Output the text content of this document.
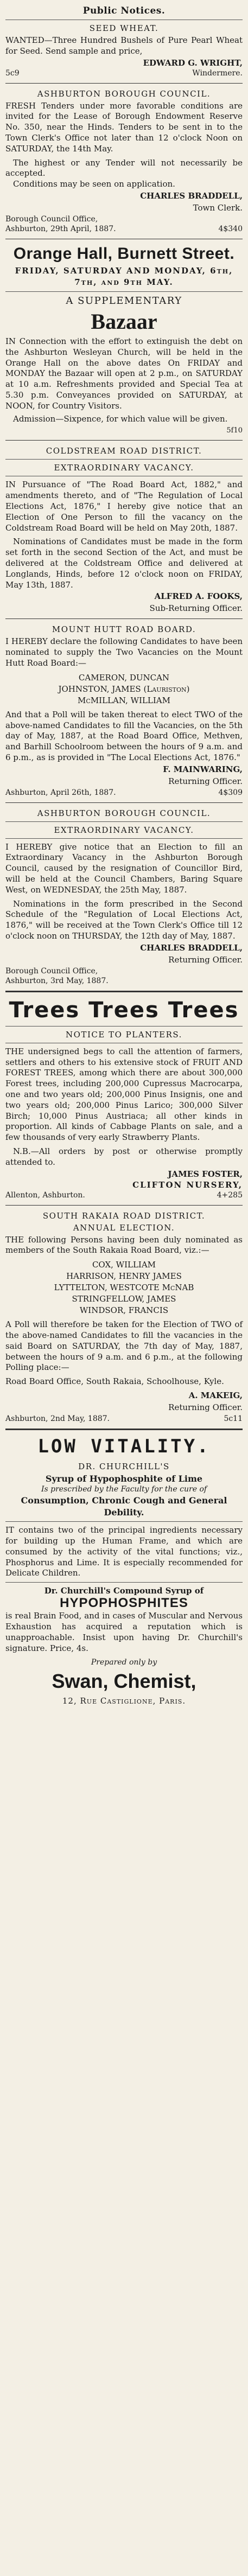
Public Notices.
SEED WHEAT.
WANTED—Three Hundred Bushels of Pure Pearl Wheat for Seed. Send sample and price,
EDWARD G. WRIGHT,
5c9	Windermere.
ASHBURTON BOROUGH COUNCIL.
FRESH Tenders under more favorable conditions are invited for the Lease of Borough Endowment Reserve No. 350, near the Hinds. Tenders to be sent in to the Town Clerk's Office not later than 12 o'clock Noon on SATURDAY, the 14th May.
The highest or any Tender will not necessarily be accepted.
Conditions may be seen on application.
CHARLES BRADDELL,
Town Clerk.
Borough Council Office,
Ashburton, 29th April, 1887.	4$340
Orange Hall, Burnett Street.
FRIDAY, SATURDAY AND MONDAY, 6th, 7th, and 9th MAY.
A SUPPLEMENTARY
Bazaar
IN Connection with the effort to extinguish the debt on the Ashburton Wesleyan Church, will be held in the Orange Hall on the above dates On FRIDAY and MONDAY the Bazaar will open at 2 p.m., on SATURDAY at 10 a.m. Refreshments provided and Special Tea at 5.30 p.m. Conveyances provided on SATURDAY, at NOON, for Country Visitors.
Admission—Sixpence, for which value will be given.
5f10
COLDSTREAM ROAD DISTRICT.
EXTRAORDINARY VACANCY.
IN Pursuance of "The Road Board Act, 1882," and amendments thereto, and of "The Regulation of Local Elections Act, 1876," I hereby give notice that an Election of One Person to fill the vacancy on the Coldstream Road Board will be held on May 20th, 1887.
Nominations of Candidates must be made in the form set forth in the second Section of the Act, and must be delivered at the Coldstream Office and delivered at Longlands, Hinds, before 12 o'clock noon on FRIDAY, May 13th, 1887.
ALFRED A. FOOKS,
Sub-Returning Officer.
MOUNT HUTT ROAD BOARD.
I HEREBY declare the following Candidates to have been nominated to supply the Two Vacancies on the Mount Hutt Road Board:—
CAMERON, DUNCAN
JOHNSTON, JAMES (Lauriston)
McMILLAN, WILLIAM
And that a Poll will be taken thereat to elect TWO of the above-named Candidates to fill the Vacancies, on the 5th day of May, 1887, at the Road Board Office, Methven, and Barhill Schoolroom between the hours of 9 a.m. and 6 p.m., as is provided in "The Local Elections Act, 1876."
F. MAINWARING,
Returning Officer.
Ashburton, April 26th, 1887.	4$309
ASHBURTON BOROUGH COUNCIL.
EXTRAORDINARY VACANCY.
I HEREBY give notice that an Election to fill an Extraordinary Vacancy in the Ashburton Borough Council, caused by the resignation of Councillor Bird, will be held at the Council Chambers, Baring Square West, on WEDNESDAY, the 25th May, 1887.
Nominations in the form prescribed in the Second Schedule of the "Regulation of Local Elections Act, 1876," will be received at the Town Clerk's Office till 12 o'clock noon on THURSDAY, the 12th day of May, 1887.
CHARLES BRADDELL,
Returning Officer.
Borough Council Office,
Ashburton, 3rd May, 1887.
Trees Trees Trees
NOTICE TO PLANTERS.
THE undersigned begs to call the attention of farmers, settlers and others to his extensive stock of FRUIT AND FOREST TREES, among which there are about 300,000 Forest trees, including 200,000 Cupressus Macrocarpa, one and two years old; 200,000 Pinus Insignis, one and two years old; 200,000 Pinus Larico; 300,000 Silver Birch; 10,000 Pinus Austriaca; all other kinds in proportion. All kinds of Cabbage Plants on sale, and a few thousands of very early Strawberry Plants.
N.B.—All orders by post or otherwise promptly attended to.
JAMES FOSTER,
CLIFTON NURSERY,
Allenton, Ashburton.	4+285
SOUTH RAKAIA ROAD DISTRICT.
ANNUAL ELECTION.
THE following Persons having been duly nominated as members of the South Rakaia Road Board, viz.:—
COX, WILLIAM
HARRISON, HENRY JAMES
LYTTELTON, WESTCOTE McNAB
STRINGFELLOW, JAMES
WINDSOR, FRANCIS
A Poll will therefore be taken for the Election of TWO of the above-named Candidates to fill the vacancies in the said Board on SATURDAY, the 7th day of May, 1887, between the hours of 9 a.m. and 6 p.m., at the following Polling place:—
Road Board Office, South Rakaia, Schoolhouse, Kyle.
A. MAKEIG,
Returning Officer.
Ashburton, 2nd May, 1887.	5c11
LOW VITALITY.
DR. CHURCHILL'S
Syrup of Hypophosphite of Lime
Is prescribed by the Faculty for the cure of
Consumption, Chronic Cough and General Debility.
IT contains two of the principal ingredients necessary for building up the Human Frame, and which are consumed by the activity of the vital functions; viz., Phosphorus and Lime. It is especially recommended for Delicate Children.
Dr. Churchill's Compound Syrup of
HYPOPHOSPHITES
is real Brain Food, and in cases of Muscular and Nervous Exhaustion has acquired a reputation which is unapproachable. Insist upon having Dr. Churchill's signature. Price, 4s.
Prepared only by
Swan, Chemist,
12, Rue Castiglione, Paris.
